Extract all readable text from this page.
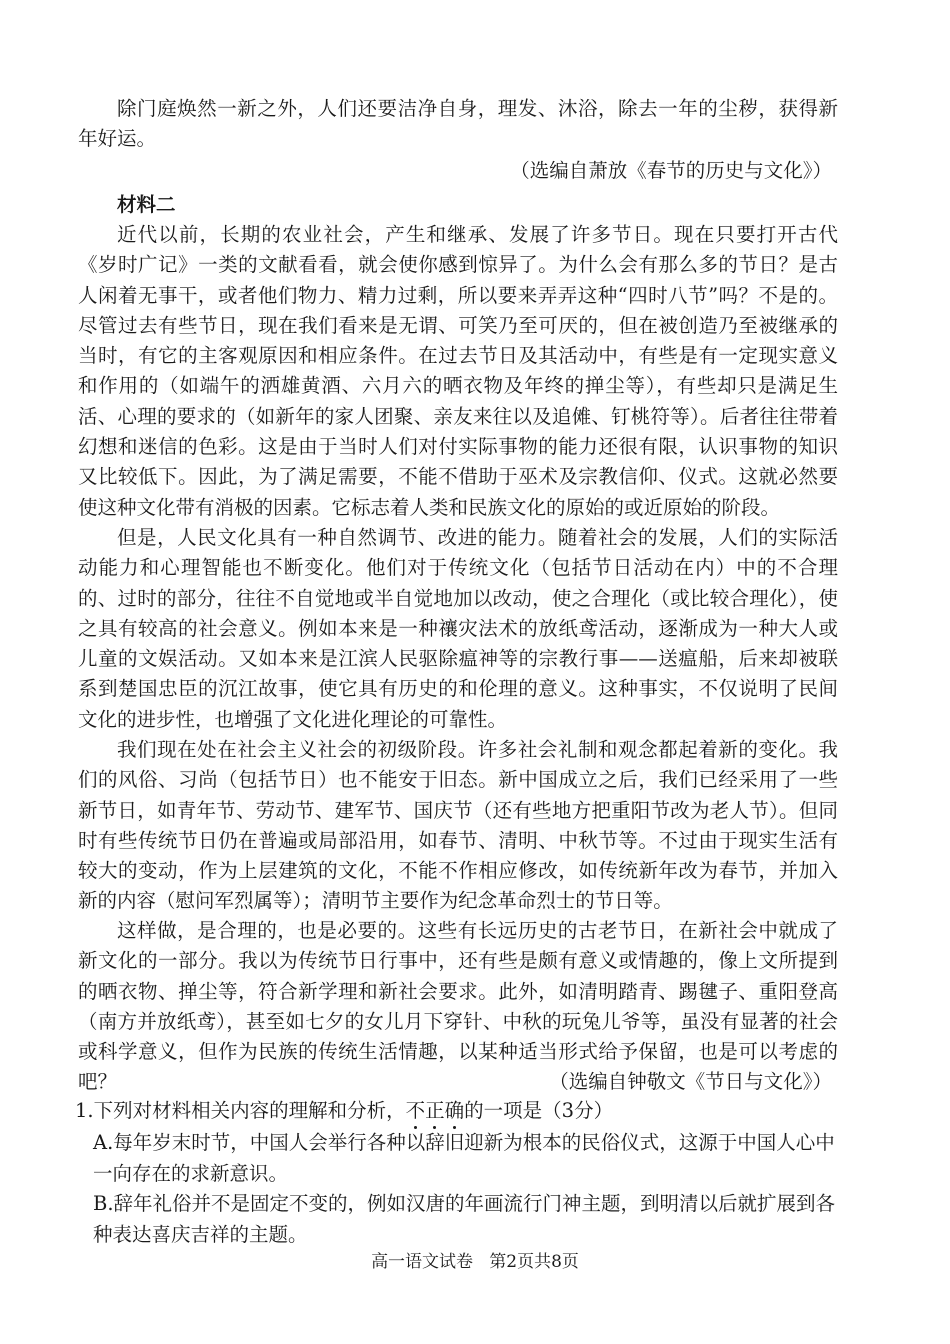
除门庭焕然一新之外，人们还要洁净自身，理发、沐浴，除去一年的尘秽，获得新年好运。

（选编自萧放《春节的历史与文化》）
材料二

近代以前，长期的农业社会，产生和继承、发展了许多节日。现在只要打开古代《岁时广记》一类的文献看看，就会使你感到惊异了。为什么会有那么多的节日？是古人闲着无事干，或者他们物力、精力过剩，所以要来弄弄这种“四时八节”吗？不是的。尽管过去有些节日，现在我们看来是无谓、可笑乃至可厌的，但在被创造乃至被继承的当时，有它的主客观原因和相应条件。在过去节日及其活动中，有些是有一定现实意义和作用的（如端午的洒雄黄酒、六月六的晒衣物及年终的掸尘等），有些却只是满足生活、心理的要求的（如新年的家人团聚、亲友来往以及追傩、钉桃符等）。后者往往带着幻想和迷信的色彩。这是由于当时人们对付实际事物的能力还很有限，认识事物的知识又比较低下。因此，为了满足需要，不能不借助于巫术及宗教信仰、仪式。这就必然要使这种文化带有消极的因素。它标志着人类和民族文化的原始的或近原始的阶段。

但是，人民文化具有一种自然调节、改进的能力。随着社会的发展，人们的实际活动能力和心理智能也不断变化。他们对于传统文化（包括节日活动在内）中的不合理的、过时的部分，往往不自觉地或半自觉地加以改动，使之合理化（或比较合理化），使之具有较高的社会意义。例如本来是一种禳灾法术的放纸鸢活动，逐渐成为一种大人或儿童的文娱活动。又如本来是江滨人民驱除瘟神等的宗教行事——送瘟船，后来却被联系到楚国忠臣的沉江故事，使它具有历史的和伦理的意义。这种事实，不仅说明了民间文化的进步性，也增强了文化进化理论的可靠性。

我们现在处在社会主义社会的初级阶段。许多社会礼制和观念都起着新的变化。我们的风俗、习尚（包括节日）也不能安于旧态。新中国成立之后，我们已经采用了一些新节日，如青年节、劳动节、建军节、国庆节（还有些地方把重阳节改为老人节）。但同时有些传统节日仍在普遍或局部沿用，如春节、清明、中秋节等。不过由于现实生活有较大的变动，作为上层建筑的文化，不能不作相应修改，如传统新年改为春节，并加入新的内容（慰问军烈属等）；清明节主要作为纪念革命烈士的节日等。

这样做，是合理的，也是必要的。这些有长远历史的古老节日，在新社会中就成了新文化的一部分。我以为传统节日行事中，还有些是颇有意义或情趣的，像上文所提到的晒衣物、掸尘等，符合新学理和新社会要求。此外，如清明踏青、踢毽子、重阳登高（南方并放纸鸢），甚至如七夕的女儿月下穿针、中秋的玩兔儿爷等，虽没有显著的社会或科学意义，但作为民族的传统生活情趣，以某种适当形式给予保留，也是可以考虑的吧？	（选编自钟敬文《节日与文化》）
1.下列对材料相关内容的理解和分析，不正确的一项是（3分）

A.每年岁末时节，中国人会举行各种以辞旧迎新为根本的民俗仪式，这源于中国人心中一向存在的求新意识。

B.辞年礼俗并不是固定不变的，例如汉唐的年画流行门神主题，到明清以后就扩展到各种表达喜庆吉祥的主题。

高一语文试卷 第2页共8页
